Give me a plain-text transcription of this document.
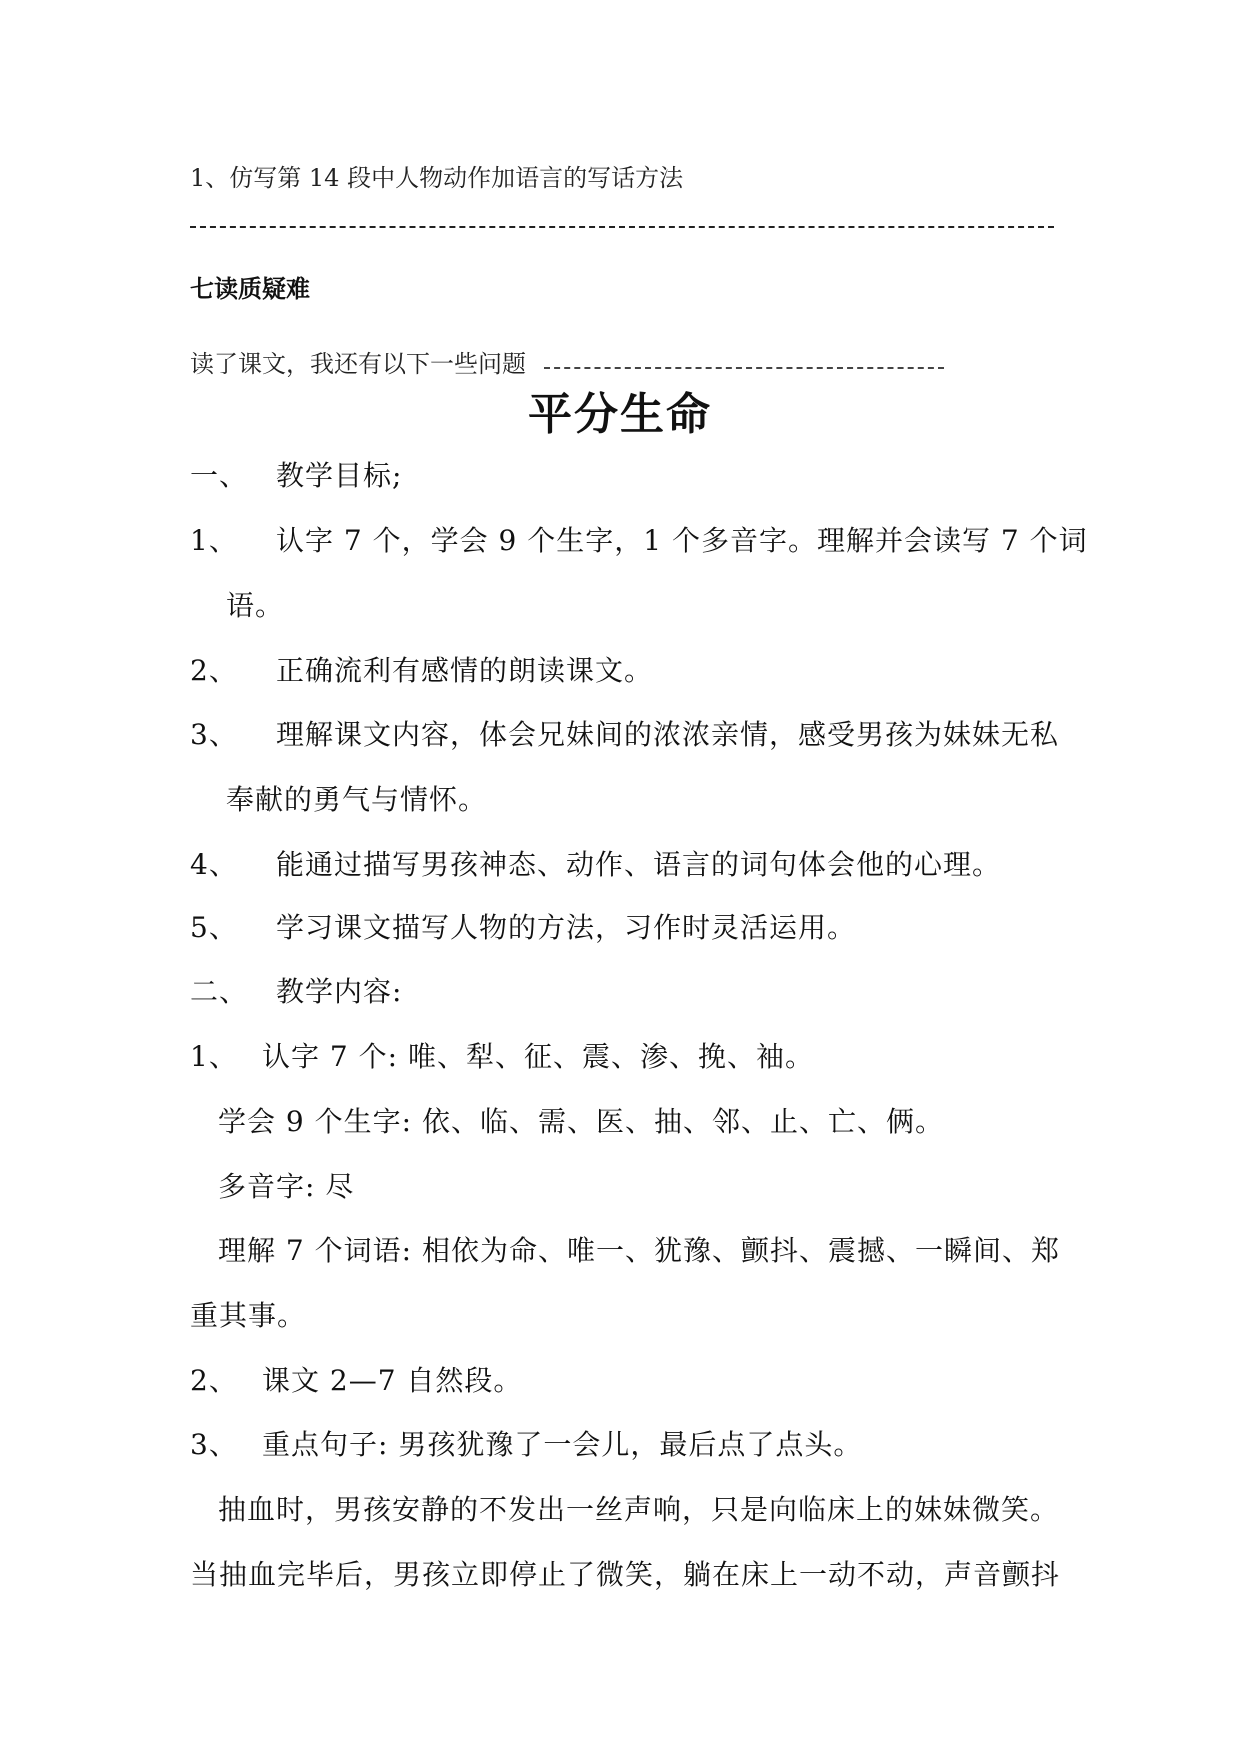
1、仿写第 14 段中人物动作加语言的写话方法
七读质疑难
读了课文，我还有以下一些问题
平分生命
一、 教学目标;
1、 认字 7 个，学会 9 个生字，1 个多音字。理解并会读写 7 个词
语。
2、 正确流利有感情的朗读课文。
3、 理解课文内容，体会兄妹间的浓浓亲情，感受男孩为妹妹无私
奉献的勇气与情怀。
4、 能通过描写男孩神态、动作、语言的词句体会他的心理。
5、 学习课文描写人物的方法，习作时灵活运用。
二、 教学内容:
1、 认字 7 个: 唯、犁、征、震、渗、挽、袖。
学会 9 个生字: 依、临、需、医、抽、邻、止、亡、俩。
多音字: 尽
理解 7 个词语: 相依为命、唯一、犹豫、颤抖、震撼、一瞬间、郑
重其事。
2、 课文 2—7 自然段。
3、 重点句子: 男孩犹豫了一会儿，最后点了点头。
抽血时，男孩安静的不发出一丝声响，只是向临床上的妹妹微笑。
当抽血完毕后，男孩立即停止了微笑，躺在床上一动不动，声音颤抖
